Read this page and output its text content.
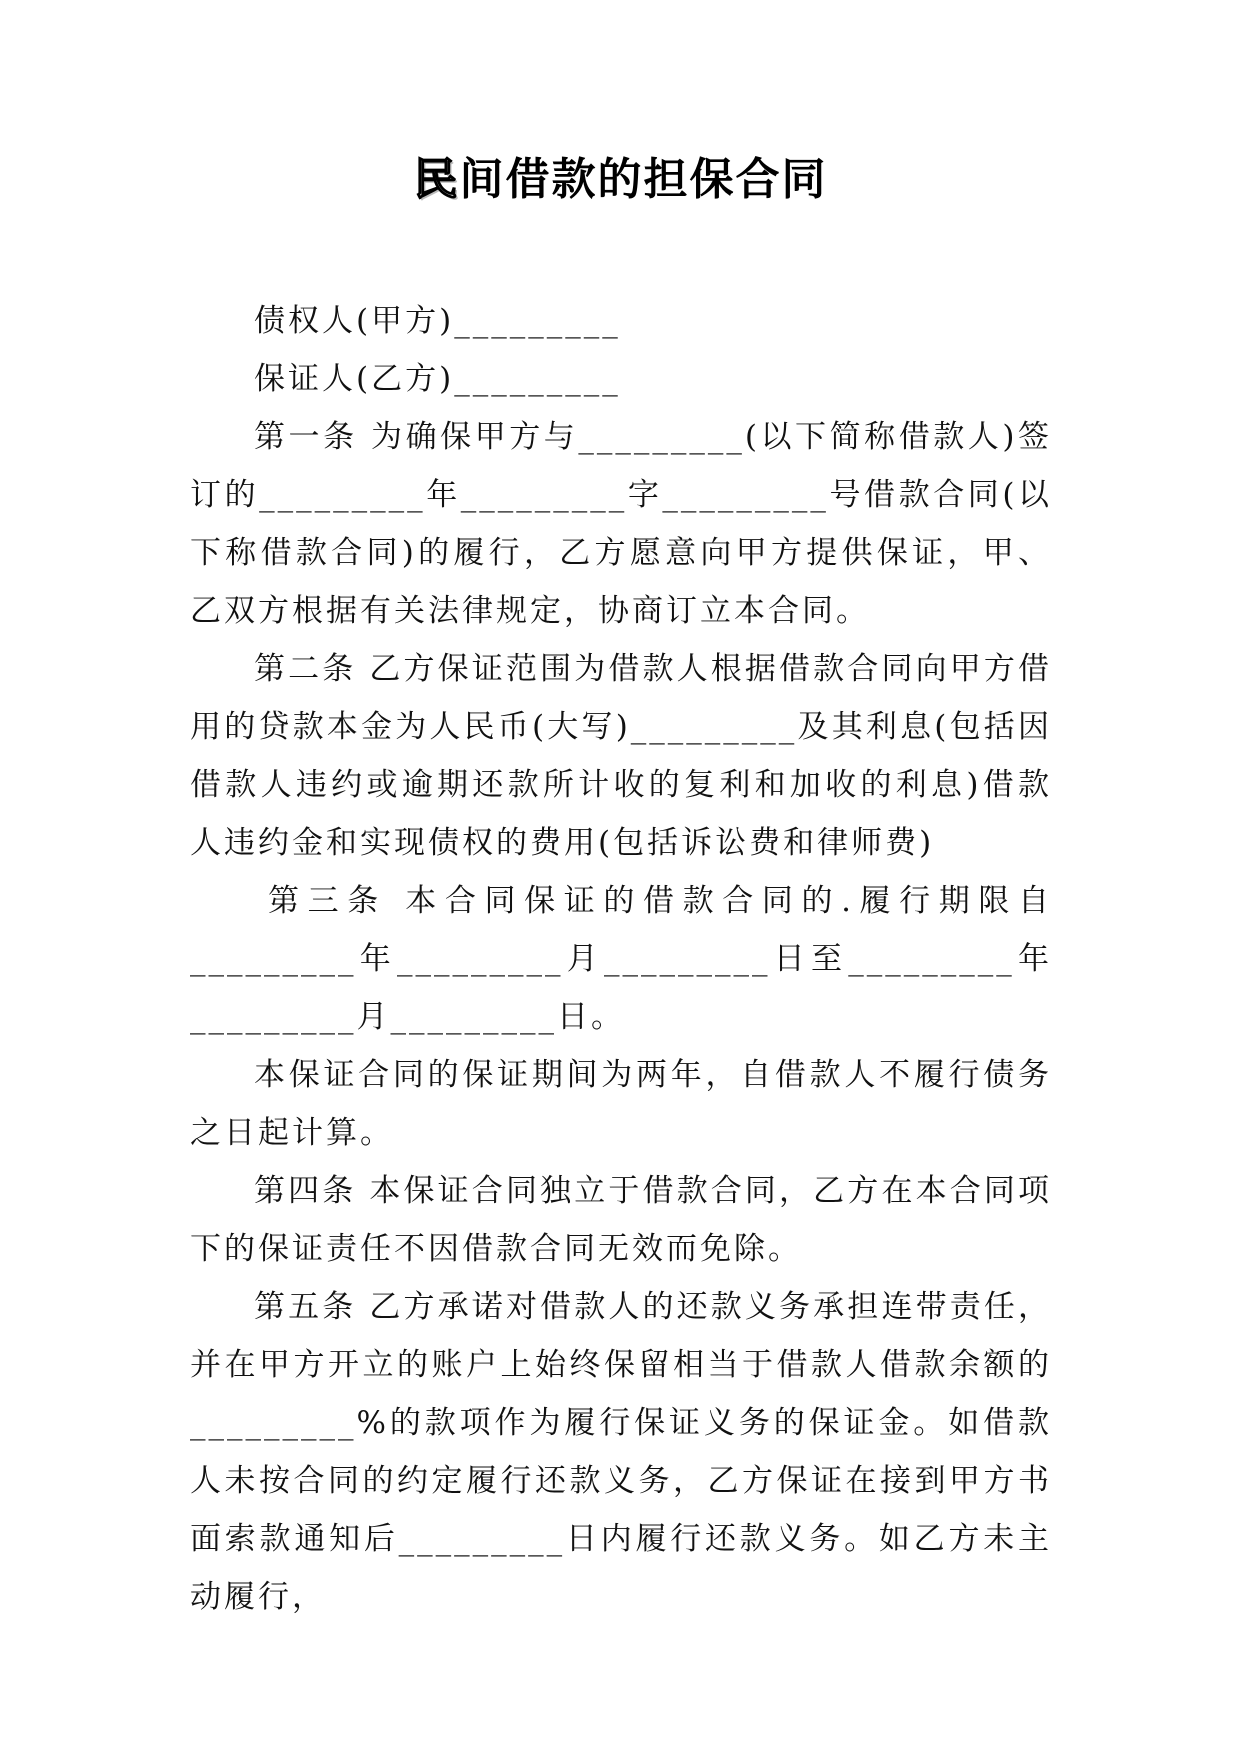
民间借款的担保合同

债权人(甲方)_________

保证人(乙方)_________

第一条 为确保甲方与_________(以下简称借款人)签订的_________年_________字_________号借款合同(以下称借款合同)的履行，乙方愿意向甲方提供保证，甲、乙双方根据有关法律规定，协商订立本合同。

第二条 乙方保证范围为借款人根据借款合同向甲方借用的贷款本金为人民币(大写)_________及其利息(包括因借款人违约或逾期还款所计收的复利和加收的利息)借款人违约金和实现债权的费用(包括诉讼费和律师费)

第三条 本合同保证的借款合同的.履行期限自_________年_________月_________日至_________年_________月_________日。

本保证合同的保证期间为两年，自借款人不履行债务之日起计算。

第四条 本保证合同独立于借款合同，乙方在本合同项下的保证责任不因借款合同无效而免除。

第五条 乙方承诺对借款人的还款义务承担连带责任，并在甲方开立的账户上始终保留相当于借款人借款余额的_________%的款项作为履行保证义务的保证金。如借款人未按合同的约定履行还款义务，乙方保证在接到甲方书面索款通知后_________日内履行还款义务。如乙方未主动履行，
